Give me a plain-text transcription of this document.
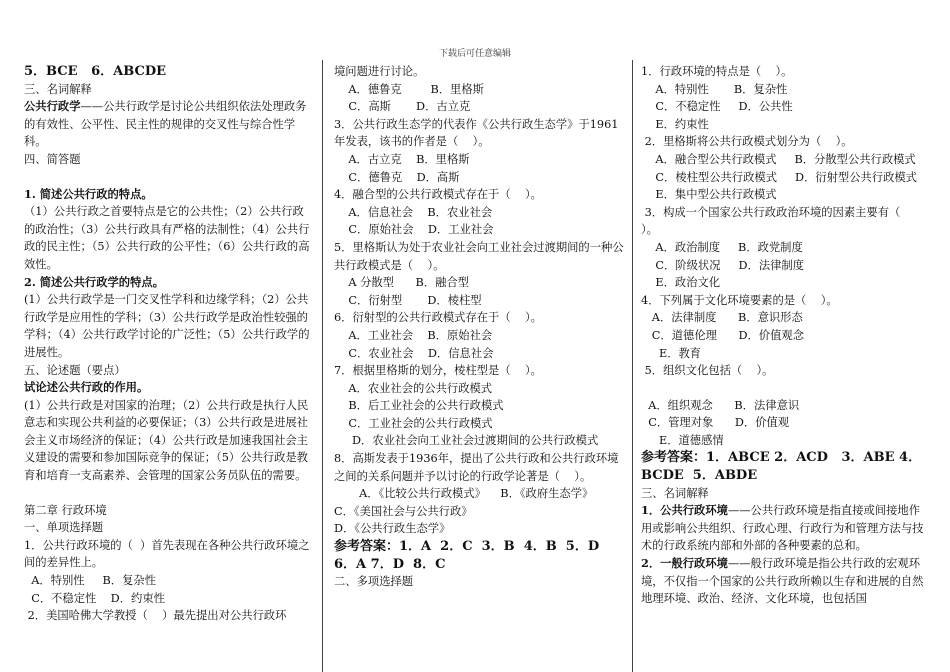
下载后可任意编辑
5．BCE   6．ABCDE
三、名词解释
公共行政学——公共行政学是讨论公共组织依法处理政务的有效性、公平性、民主性的规律的交叉性与综合性学科。
四、简答题
1. 简述公共行政的特点。
（1）公共行政之首要特点是它的公共性；（2）公共行政的政治性；（3）公共行政具有严格的法制性；（4）公共行政的民主性；（5）公共行政的公平性；（6）公共行政的高效性。
2. 简述公共行政学的特点。
(1）公共行政学是一门交叉性学科和边缘学科；（2）公共行政学是应用性的学科；（3）公共行政学是政治性较强的学科；（4）公共行政学讨论的广泛性；（5）公共行政学的进展性。
五、论述题（要点）
试论述公共行政的作用。
(1）公共行政是对国家的治理；（2）公共行政是执行人民意志和实现公共利益的必要保证；（3）公共行政是进展社会主义市场经济的保证；（4）公共行政是加速我国社会主义建设的需要和参加国际竞争的保证；（5）公共行政是教育和培育一支高素养、会管理的国家公务员队伍的需要。
第二章 行政环境
一、单项选择题
1．公共行政环境的（  ）首先表现在各种公共行政环境之间的差异性上。
A．特别性     B．复杂性
C．不稳定性    D．约束性
2．美国哈佛大学教授（    ）最先提出对公共行政环
境问题进行讨论。
A．德鲁克        B．里格斯
C．高斯       D．古立克
3．公共行政生态学的代表作《公共行政生态学》于1961年发表，该书的作者是（    ）。
A．古立克    B．里格斯
C．德鲁克    D．高斯
4．融合型的公共行政模式存在于（    ）。
A．信息社会    B．农业社会
C．原始社会    D．工业社会
5．里格斯认为处于农业社会向工业社会过渡期间的一种公共行政模式是（    ）。
A 分散型      B．融合型
C．衍射型       D．棱柱型
6．衍射型的公共行政模式存在于（    ）。
A．工业社会    B．原始社会
C．农业社会    D．信息社会
7．根据里格斯的划分，棱柱型是（    ）。
A．农业社会的公共行政模式
B．后工业社会的公共行政模式
C．工业社会的公共行政模式
D．农业社会向工业社会过渡期间的公共行政模式
8．高斯发表于1936年，提出了公共行政和公共行政环境之间的关系问题并予以讨论的行政学论著是（    ）。
A．《比较公共行政模式》    B．《政府生态学》
C．《美国社会与公共行政》
D．《公共行政生态学》
参考答案：1．A  2．C  3．B  4．B  5．D  6．A 7．D  8．C
二、多项选择题
1．行政环境的特点是（    ）。
A．特别性       B．复杂性
C．不稳定性     D．公共性
E．约束性
2．里格斯将公共行政模式划分为（    ）。
A．融合型公共行政模式     B．分散型公共行政模式
C．棱柱型公共行政模式     D．衍射型公共行政模式
E．集中型公共行政模式
3．构成一个国家公共行政政治环境的因素主要有（    ）。
A．政治制度     B．政党制度
C．阶级状况     D．法律制度
E．政治文化
4．下列属于文化环境要素的是（    ）。
A．法律制度      B．意识形态
C．道德伦理      D．价值观念
E．教育
5．组织文化包括（    ）。
A．组织观念      B．法律意识
C．管理对象      D．价值观
E．道德感情
参考答案：1．ABCE 2．ACD   3．ABE 4．BCDE  5．ABDE
三、名词解释
1．公共行政环境——公共行政环境是指直接或间接地作用或影响公共组织、行政心理、行政行为和管理方法与技术的行政系统内部和外部的各种要素的总和。
2．一般行政环境——般行政环境是指公共行政的宏观环境，不仅指一个国家的公共行政所赖以生存和进展的自然地理环境、政治、经济、文化环境，也包括国
